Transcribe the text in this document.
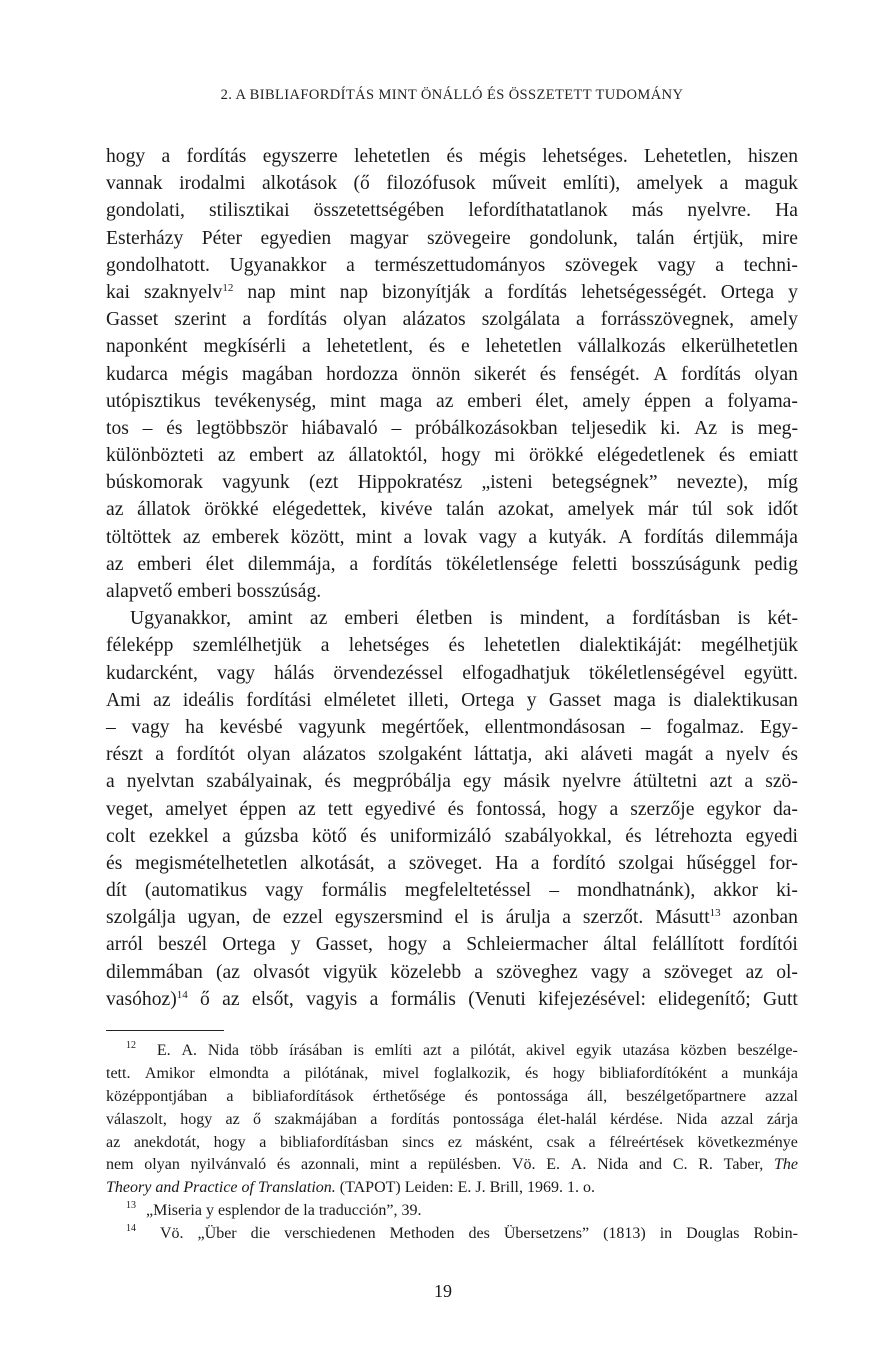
2. A BIBLIAFORDÍTÁS MINT ÖNÁLLÓ ÉS ÖSSZETETT TUDOMÁNY
hogy a fordítás egyszerre lehetetlen és mégis lehetséges. Lehetetlen, hiszen
vannak irodalmi alkotások (ő filozófusok műveit említi), amelyek a maguk
gondolati, stilisztikai összetettségében lefordíthatatlanok más nyelvre. Ha
Esterházy Péter egyedien magyar szövegeire gondolunk, talán értjük, mire
gondolhatott. Ugyanakkor a természettudományos szövegek vagy a techni-
kai szaknyelv$^{12}$ nap mint nap bizonyítják a fordítás lehetségességét. Ortega y
Gasset szerint a fordítás olyan alázatos szolgálata a forrásszövegnek, amely
naponként megkísérli a lehetetlent, és e lehetetlen vállalkozás elkerülhetetlen
kudarca mégis magában hordozza önnön sikerét és fenségét. A fordítás olyan
utópisztikus tevékenység, mint maga az emberi élet, amely éppen a folyama-
tos – és legtöbbször hiábavaló – próbálkozásokban teljesedik ki. Az is meg-
különbözteti az embert az állatoktól, hogy mi örökké elégedetlenek és emiatt
búskomorak vagyunk (ezt Hippokratész „isteni betegségnek” nevezte), míg
az állatok örökké elégedettek, kivéve talán azokat, amelyek már túl sok időt
töltöttek az emberek között, mint a lovak vagy a kutyák. A fordítás dilemmája
az emberi élet dilemmája, a fordítás tökéletlensége feletti bosszúságunk pedig
alapvető emberi bosszúság.
Ugyanakkor, amint az emberi életben is mindent, a fordításban is két-
féleképp szemlélhetjük a lehetséges és lehetetlen dialektikáját: megélhetjük
kudarcként, vagy hálás örvendezéssel elfogadhatjuk tökéletlenségével együtt.
Ami az ideális fordítási elméletet illeti, Ortega y Gasset maga is dialektikusan
– vagy ha kevésbé vagyunk megértőek, ellentmondásosan – fogalmaz. Egy-
részt a fordítót olyan alázatos szolgaként láttatja, aki aláveti magát a nyelv és
a nyelvtan szabályainak, és megpróbálja egy másik nyelvre átültetni azt a szö-
veget, amelyet éppen az tett egyedivé és fontossá, hogy a szerzője egykor da-
colt ezekkel a gúzsba kötő és uniformizáló szabályokkal, és létrehozta egyedi
és megismételhetetlen alkotását, a szöveget. Ha a fordító szolgai hűséggel for-
dít (automatikus vagy formális megfeleltetéssel – mondhatnánk), akkor ki-
szolgálja ugyan, de ezzel egyszersmind el is árulja a szerzőt. Másutt$^{13}$ azonban
arról beszél Ortega y Gasset, hogy a Schleiermacher által felállított fordítói
dilemmában (az olvasót vigyük közelebb a szöveghez vagy a szöveget az ol-
vasóhoz)$^{14}$ ő az elsőt, vagyis a formális (Venuti kifejezésével: elidegenítő; Gutt
12 E. A. Nida több írásában is említi azt a pilótát, akivel egyik utazása közben beszélge-
tett. Amikor elmondta a pilótának, mivel foglalkozik, és hogy bibliafordítóként a munkája
középpontjában a bibliafordítások érthetősége és pontossága áll, beszélgetőpartnere azzal
válaszolt, hogy az ő szakmájában a fordítás pontossága élet-halál kérdése. Nida azzal zárja
az anekdotát, hogy a bibliafordításban sincs ez másként, csak a félreértések következménye
nem olyan nyilvánvaló és azonnali, mint a repülésben. Vö. E. A. Nida and C. R. Taber, The
Theory and Practice of Translation. (TAPOT) Leiden: E. J. Brill, 1969. 1. o.
13 „Miseria y esplendor de la traducción”, 39.
14 Vö. „Über die verschiedenen Methoden des Übersetzens” (1813) in Douglas Robin-
19
